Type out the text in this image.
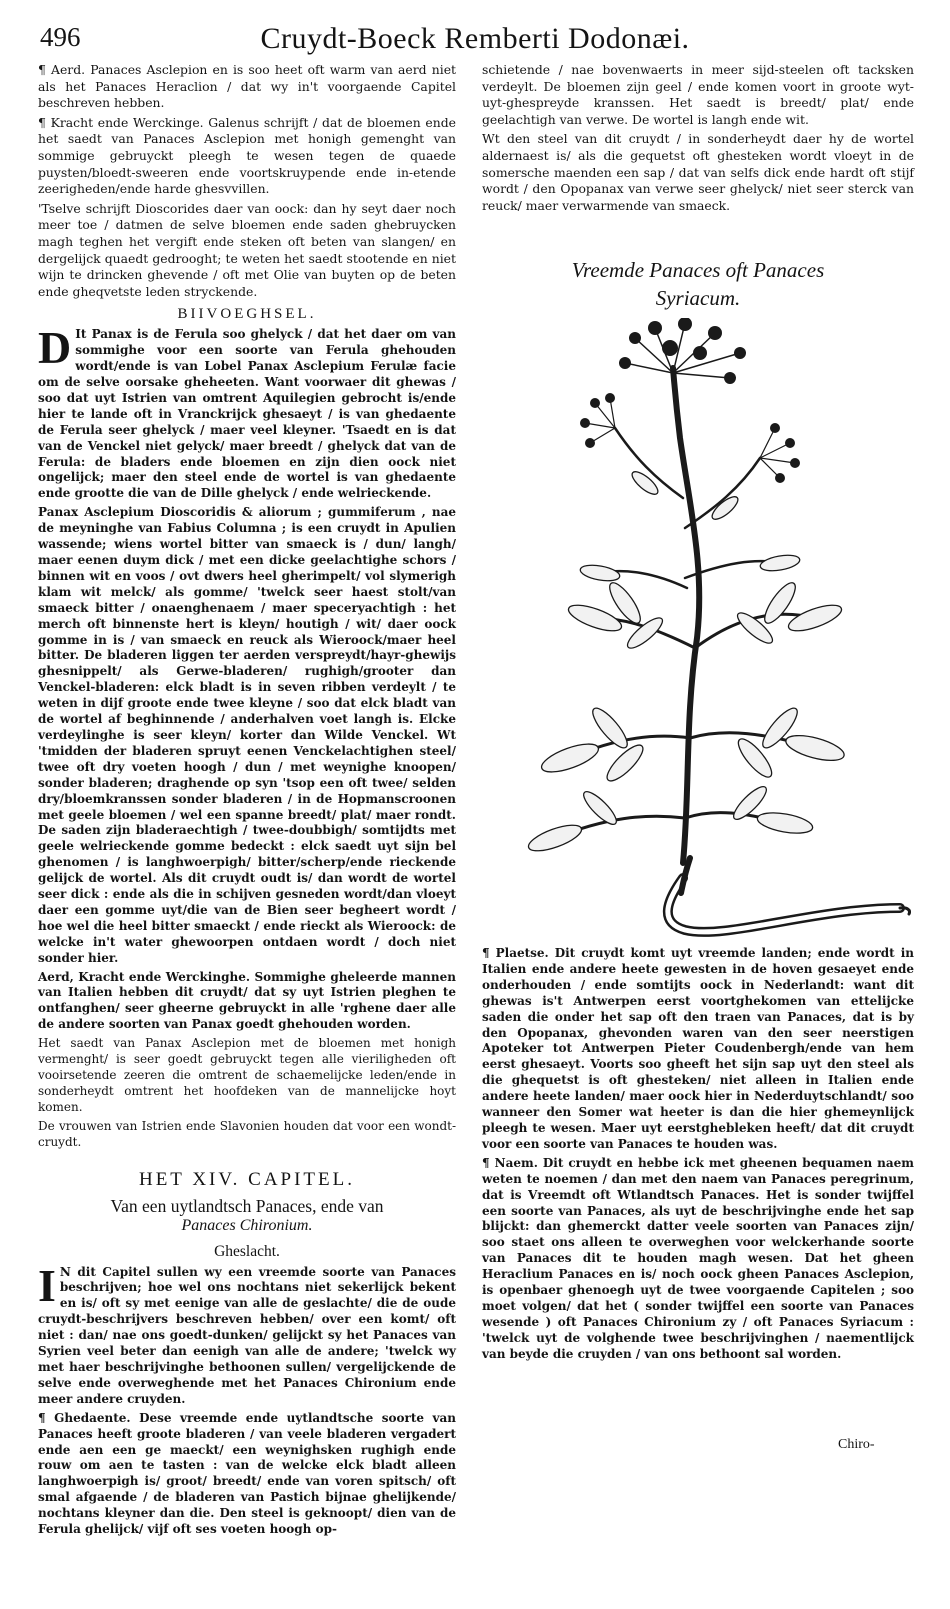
496	Cruydt-Boeck Remberti Dodonæi.

¶ Aerd. Panaces Asclepion en is soo heet oft warm van aerd niet als het Panaces Heraclion / dat wy in't voorgaende Capitel beschreven hebben.

¶ Kracht ende Werckinge. Galenus schrijft / dat de bloemen ende het saedt van Panaces Asclepion met honigh gemenght van sommige gebruyckt pleegh te wesen tegen de quaede puysten/bloedt-sweeren ende voortskruypende ende in-etende zeerigheden/ende harde ghesvvillen.

'Tselve schrijft Dioscorides daer van oock: dan hy seyt daer noch meer toe / datmen de selve bloemen ende saden ghebruycken magh teghen het vergift ende steken oft beten van slangen/ en dergelijck quaedt gedrooght; te weten het saedt stootende en niet wijn te drincken ghevende / oft met Olie van buyten op de beten ende gheqvetste leden stryckende.

BIIVOEGHSEL.

D It Panax is de Ferula soo ghelyck / dat het daer om van sommighe voor een soorte van Ferula ghehouden wordt/ende is van Lobel Panax Asclepium Ferulæ facie om de selve oorsake gheheeten. Want voorwaer dit ghewas / soo dat uyt Istrien van omtrent Aquilegien gebrocht is/ende hier te lande oft in Vranckrijck ghesaeyt / is van ghedaente de Ferula seer ghelyck / maer veel kleyner. 'Tsaedt en is dat van de Venckel niet gelyck/ maer breedt / ghelyck dat van de Ferula: de bladers ende bloemen en zijn dien oock niet ongelijck; maer den steel ende de wortel is van ghedaente ende grootte die van de Dille ghelyck / ende welrieckende.

Panax Asclepium Dioscoridis & aliorum ; gummiferum , nae de meyninghe van Fabius Columna ; is een cruydt in Apulien wassende; wiens wortel bitter van smaeck is / dun/ langh/ maer eenen duym dick / met een dicke geelachtighe schors / binnen wit en voos / ovt dwers heel gherimpelt/ vol slymerigh klam wit melck/ als gomme/ 'twelck seer haest stolt/van smaeck bitter / onaenghenaem / maer speceryachtigh : het merch oft binnenste hert is kleyn/ houtigh / wit/ daer oock gomme in is / van smaeck en reuck als Wieroock/maer heel bitter. De bladeren liggen ter aerden verspreydt/hayr-ghewijs ghesnippelt/ als Gerwe-bladeren/ rughigh/grooter dan Venckel-bladeren: elck bladt is in seven ribben verdeylt / te weten in dijf groote ende twee kleyne / soo dat elck bladt van de wortel af beghinnende / anderhalven voet langh is. Elcke verdeylinghe is seer kleyn/ korter dan Wilde Venckel. Wt 'tmidden der bladeren spruyt eenen Venckelachtighen steel/ twee oft dry voeten hoogh / dun / met weynighe knoopen/ sonder bladeren; draghende op syn 'tsop een oft twee/ selden dry/bloemkranssen sonder bladeren / in de Hopmanscroonen met geele bloemen / wel een spanne breedt/ plat/ maer rondt. De saden zijn bladeraechtigh / twee-doubbigh/ somtijdts met geele welrieckende gomme bedeckt : elck saedt uyt sijn bel ghenomen / is langhwoerpigh/ bitter/scherp/ende rieckende gelijck de wortel. Als dit cruydt oudt is/ dan wordt de wortel seer dick : ende als die in schijven gesneden wordt/dan vloeyt daer een gomme uyt/die van de Bien seer begheert wordt / hoe wel die heel bitter smaeckt / ende rieckt als Wieroock: de welcke in't water ghewoorpen ontdaen wordt / doch niet sonder hier.

Aerd, Kracht ende Werckinghe. Sommighe gheleerde mannen van Italien hebben dit cruydt/ dat sy uyt Istrien pleghen te ontfanghen/ seer gheerne gebruyckt in alle 'rghene daer alle de andere soorten van Panax goedt ghehouden worden.

Het saedt van Panax Asclepion met de bloemen met honigh vermenght/ is seer goedt gebruyckt tegen alle vieriligheden oft vooirsetende zeeren die omtrent de schaemelijcke leden/ende in sonderheydt omtrent het hoofdeken van de mannelijcke hoyt komen.

De vrouwen van Istrien ende Slavonien houden dat voor een wondt-cruydt.

HET XIV. CAPITEL.
Van een uytlandtsch Panaces, ende van
Panaces Chironium.
Gheslacht.

I N dit Capitel sullen wy een vreemde soorte van Panaces beschrijven; hoe wel ons nochtans niet sekerlijck bekent en is/ oft sy met eenige van alle de geslachte/ die de oude cruydt-beschrijvers beschreven hebben/ over een komt/ oft niet : dan/ nae ons goedt-dunken/ gelijckt sy het Panaces van Syrien veel beter dan eenigh van alle de andere; 'twelck wy met haer beschrijvinghe bethoonen sullen/ vergelijckende de selve ende overweghende met het Panaces Chironium ende meer andere cruyden.

¶ Ghedaente. Dese vreemde ende uytlandtsche soorte van Panaces heeft groote bladeren / van veele bladeren vergadert ende aen een ge maeckt/ een weynighsken rughigh ende rouw om aen te tasten : van de welcke elck bladt alleen langhwoerpigh is/ groot/ breedt/ ende van voren spitsch/ oft smal afgaende / de bladeren van Pastich bijnae ghelijkende/ nochtans kleyner dan die. Den steel is geknoopt/ dien van de Ferula ghelijck/ vijf oft ses voeten hoogh op-

schietende / nae bovenwaerts in meer sijd-steelen oft tacksken verdeylt. De bloemen zijn geel / ende komen voort in groote wyt-uyt-ghespreyde kranssen. Het saedt is breedt/ plat/ ende geelachtigh van verwe. De wortel is langh ende wit.

Wt den steel van dit cruydt / in sonderheydt daer hy de wortel aldernaest is/ als die gequetst oft ghesteken wordt vloeyt in de somersche maenden een sap / dat van selfs dick ende hardt oft stijf wordt / den Opopanax van verwe seer ghelyck/ niet seer sterck van reuck/ maer verwarmende van smaeck.

Vreemde Panaces oft Panaces
Syriacum.

¶ Plaetse. Dit cruydt komt uyt vreemde landen; ende wordt in Italien ende andere heete gewesten in de hoven gesaeyet ende onderhouden / ende somtijts oock in Nederlandt: want dit ghewas is't Antwerpen eerst voortghekomen van ettelijcke saden die onder het sap oft den traen van Panaces, dat is by den Opopanax, ghevonden waren van den seer neerstigen Apoteker tot Antwerpen Pieter Coudenbergh/ende van hem eerst ghesaeyt. Voorts soo gheeft het sijn sap uyt den steel als die ghequetst is oft ghesteken/ niet alleen in Italien ende andere heete landen/ maer oock hier in Nederduytschlandt/ soo wanneer den Somer wat heeter is dan die hier ghemeynlijck pleegh te wesen. Maer uyt eerstghebleken heeft/ dat dit cruydt voor een soorte van Panaces te houden was.

¶ Naem. Dit cruydt en hebbe ick met gheenen bequamen naem weten te noemen / dan met den naem van Panaces peregrinum, dat is Vreemdt oft Wtlandtsch Panaces. Het is sonder twijffel een soorte van Panaces, als uyt de beschrijvinghe ende het sap blijckt: dan ghemerckt datter veele soorten van Panaces zijn/ soo staet ons alleen te overweghen voor welckerhande soorte van Panaces dit te houden magh wesen. Dat het gheen Heraclium Panaces en is/ noch oock gheen Panaces Asclepion, is openbaer ghenoegh uyt de twee voorgaende Capitelen ; soo moet volgen/ dat het ( sonder twijffel een soorte van Panaces wesende ) oft Panaces Chironium zy / oft Panaces Syriacum : 'twelck uyt de volghende twee beschrijvinghen / naementlijck van beyde die cruyden / van ons bethoont sal worden.

Chiro-
